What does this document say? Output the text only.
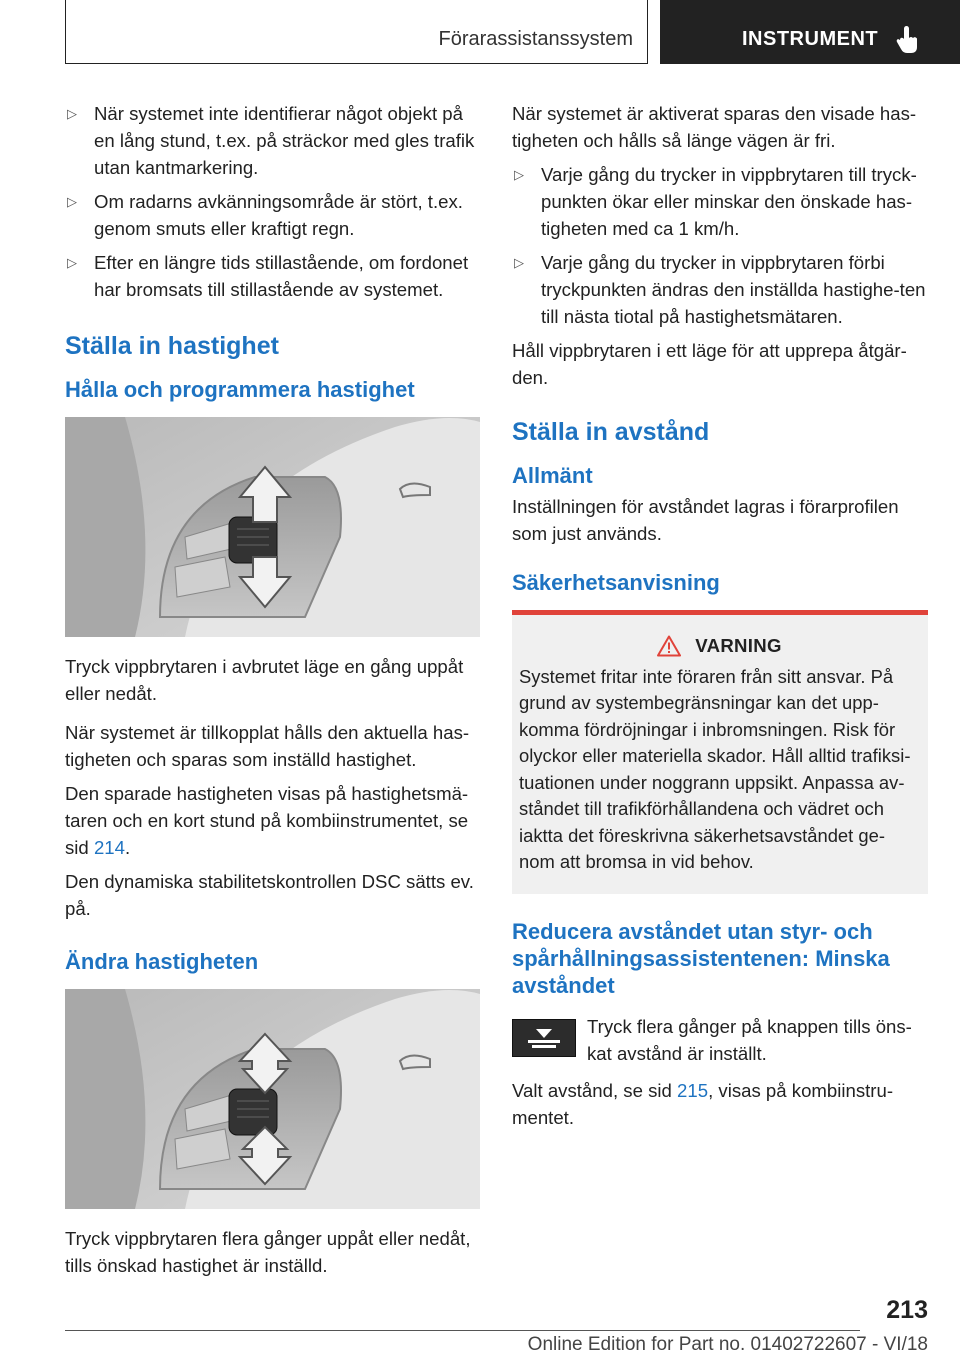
Förarassistanssystem	INSTRUMENT
▷ När systemet inte identifierar något objekt på en lång stund, t.ex. på sträckor med gles trafik utan kantmarkering.
▷ Om radarns avkänningsområde är stört, t.ex. genom smuts eller kraftigt regn.
▷ Efter en längre tids stillastående, om fordonet har bromsats till stillastående av systemet.
Ställa in hastighet
Hålla och programmera hastighet

Tryck vippbrytaren i avbrutet läge en gång uppåt eller nedåt.

När systemet är tillkopplat hålls den aktuella has-tigheten och sparas som inställd hastighet.

Den sparade hastigheten visas på hastighetsmä-taren och en kort stund på kombiinstrumentet, se sid 214.

Den dynamiska stabilitetskontrollen DSC sätts ev. på.

Ändra hastigheten

Tryck vippbrytaren flera gånger uppåt eller nedåt, tills önskad hastighet är inställd.

När systemet är aktiverat sparas den visade has-tigheten och hålls så länge vägen är fri.

▷ Varje gång du trycker in vippbrytaren till tryck-punkten ökar eller minskar den önskade has-tigheten med ca 1 km/h.
▷ Varje gång du trycker in vippbrytaren förbi tryckpunkten ändras den inställda hastighe-ten till nästa tiotal på hastighetsmätaren.

Håll vippbrytaren i ett läge för att upprepa åtgär-den.

Ställa in avstånd
Allmänt

Inställningen för avståndet lagras i förarprofilen som just används.

Säkerhetsanvisning
VARNING
Systemet fritar inte föraren från sitt ansvar. På grund av systembegränsningar kan det upp-komma fördröjningar i inbromsningen. Risk för olyckor eller materiella skador. Håll alltid trafiksi-tuationen under noggrann uppsikt. Anpassa av-ståndet till trafikförhållandena och vädret och iaktta det föreskrivna säkerhetsavståndet ge-nom att bromsa in vid behov.
Reducera avståndet utan styr- och spårhållningsassistentenen: Minska avståndet

Tryck flera gånger på knappen tills öns-kat avstånd är inställt.

Valt avstånd, se sid 215, visas på kombiinstru-mentet.

213
Online Edition for Part no. 01402722607 - VI/18
